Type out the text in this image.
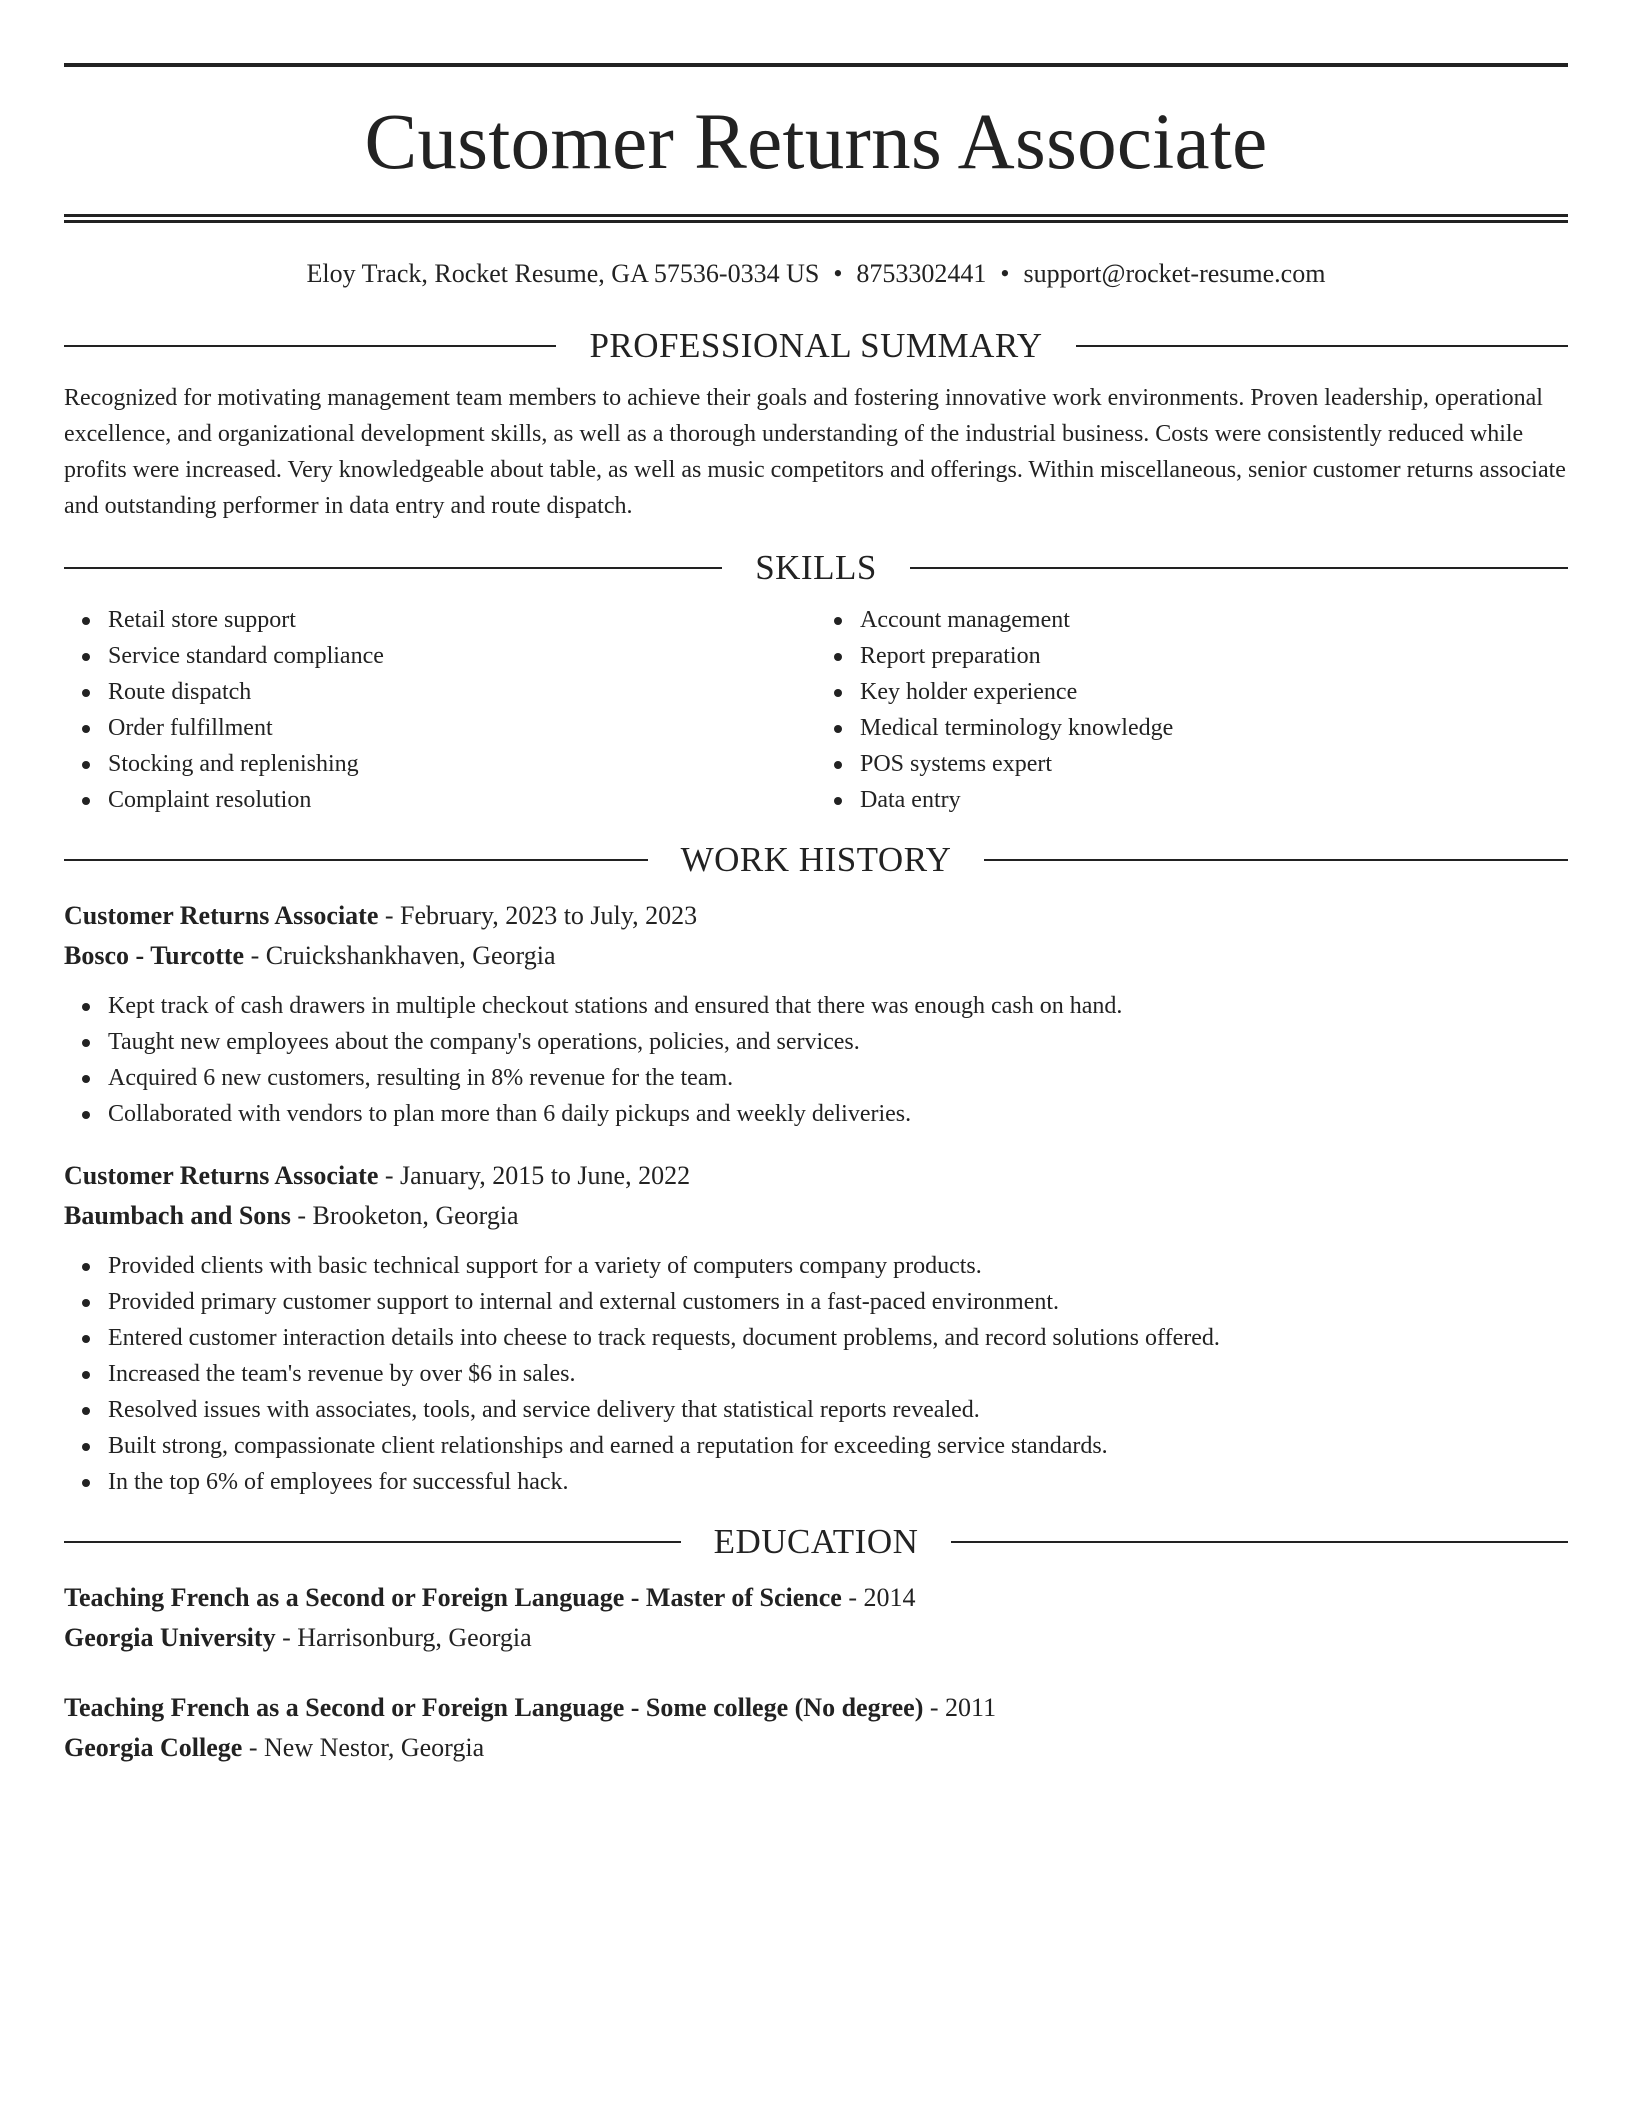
Customer Returns Associate
Eloy Track, Rocket Resume, GA 57536-0334 US • 8753302441 • support@rocket-resume.com
PROFESSIONAL SUMMARY

Recognized for motivating management team members to achieve their goals and fostering innovative work environments. Proven leadership, operational excellence, and organizational development skills, as well as a thorough understanding of the industrial business. Costs were consistently reduced while profits were increased. Very knowledgeable about table, as well as music competitors and offerings. Within miscellaneous, senior customer returns associate and outstanding performer in data entry and route dispatch.

SKILLS
Retail store support
Service standard compliance
Route dispatch
Order fulfillment
Stocking and replenishing
Complaint resolution
Account management
Report preparation
Key holder experience
Medical terminology knowledge
POS systems expert
Data entry
WORK HISTORY
Customer Returns Associate - February, 2023 to July, 2023
Bosco - Turcotte - Cruickshankhaven, Georgia
Kept track of cash drawers in multiple checkout stations and ensured that there was enough cash on hand.
Taught new employees about the company's operations, policies, and services.
Acquired 6 new customers, resulting in 8% revenue for the team.
Collaborated with vendors to plan more than 6 daily pickups and weekly deliveries.
Customer Returns Associate - January, 2015 to June, 2022
Baumbach and Sons - Brooketon, Georgia
Provided clients with basic technical support for a variety of computers company products.
Provided primary customer support to internal and external customers in a fast-paced environment.
Entered customer interaction details into cheese to track requests, document problems, and record solutions offered.
Increased the team's revenue by over $6 in sales.
Resolved issues with associates, tools, and service delivery that statistical reports revealed.
Built strong, compassionate client relationships and earned a reputation for exceeding service standards.
In the top 6% of employees for successful hack.
EDUCATION
Teaching French as a Second or Foreign Language - Master of Science - 2014
Georgia University - Harrisonburg, Georgia
Teaching French as a Second or Foreign Language - Some college (No degree) - 2011
Georgia College - New Nestor, Georgia
